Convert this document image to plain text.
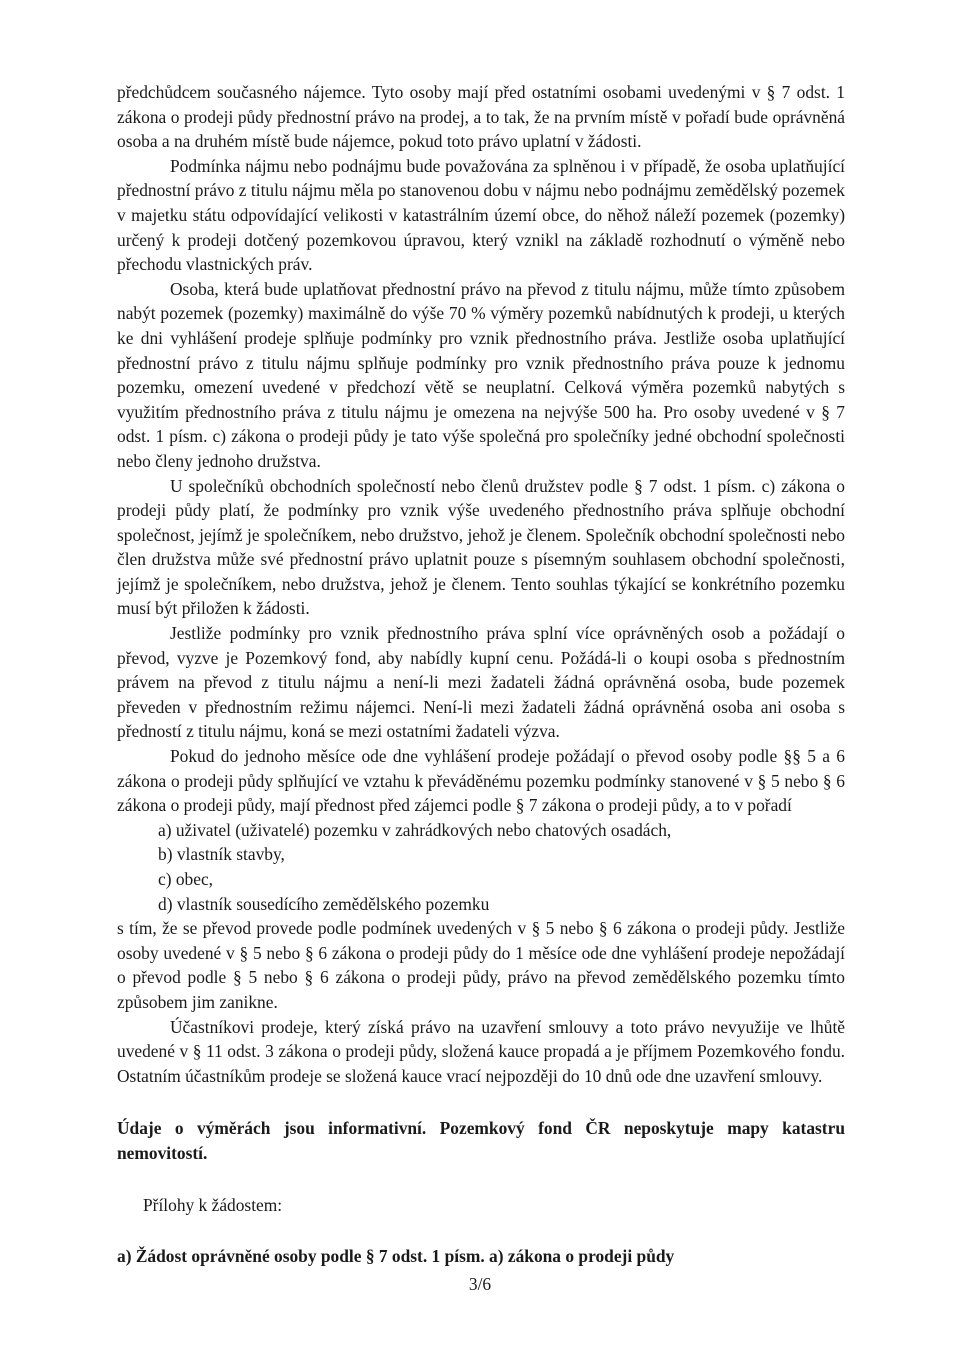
předchůdcem současného nájemce. Tyto osoby mají před ostatními osobami uvedenými v § 7 odst. 1 zákona o prodeji půdy přednostní právo na prodej, a to tak, že na prvním místě v pořadí bude oprávněná osoba a na druhém místě bude nájemce, pokud toto právo uplatní v žádosti.

Podmínka nájmu nebo podnájmu bude považována za splněnou i v případě, že osoba uplatňující přednostní právo z titulu nájmu měla po stanovenou dobu v nájmu nebo podnájmu zemědělský pozemek v majetku státu odpovídající velikosti v katastrálním území obce, do něhož náleží pozemek (pozemky) určený k prodeji dotčený pozemkovou úpravou, který vznikl na základě rozhodnutí o výměně nebo přechodu vlastnických práv.

Osoba, která bude uplatňovat přednostní právo na převod z titulu nájmu, může tímto způsobem nabýt pozemek (pozemky) maximálně do výše 70 % výměry pozemků nabídnutých k prodeji, u kterých ke dni vyhlášení prodeje splňuje podmínky pro vznik přednostního práva. Jestliže osoba uplatňující přednostní právo z titulu nájmu splňuje podmínky pro vznik přednostního práva pouze k jednomu pozemku, omezení uvedené v předchozí větě se neuplatní. Celková výměra pozemků nabytých s využitím přednostního práva z titulu nájmu je omezena na nejvýše 500 ha. Pro osoby uvedené v § 7 odst. 1 písm. c) zákona o prodeji půdy je tato výše společná pro společníky jedné obchodní společnosti nebo členy jednoho družstva.

U společníků obchodních společností nebo členů družstev podle § 7 odst. 1 písm. c) zákona o prodeji půdy platí, že podmínky pro vznik výše uvedeného přednostního práva splňuje obchodní společnost, jejímž je společníkem, nebo družstvo, jehož je členem. Společník obchodní společnosti nebo člen družstva může své přednostní právo uplatnit pouze s písemným souhlasem obchodní společnosti, jejímž je společníkem, nebo družstva, jehož je členem. Tento souhlas týkající se konkrétního pozemku musí být přiložen k žádosti.

Jestliže podmínky pro vznik přednostního práva splní více oprávněných osob a požádají o převod, vyzve je Pozemkový fond, aby nabídly kupní cenu. Požádá-li o koupi osoba s přednostním právem na převod z titulu nájmu a není-li mezi žadateli žádná oprávněná osoba, bude pozemek převeden v přednostním režimu nájemci. Není-li mezi žadateli žádná oprávněná osoba ani osoba s předností z titulu nájmu, koná se mezi ostatními žadateli výzva.

Pokud do jednoho měsíce ode dne vyhlášení prodeje požádají o převod osoby podle §§ 5 a 6 zákona o prodeji půdy splňující ve vztahu k převáděnému pozemku podmínky stanovené v § 5 nebo § 6 zákona o prodeji půdy, mají přednost před zájemci podle § 7 zákona o prodeji půdy, a to v pořadí

a) uživatel (uživatelé) pozemku v zahrádkových nebo chatových osadách,
b) vlastník stavby,
c) obec,
d) vlastník sousedícího zemědělského pozemku

s tím, že se převod provede podle podmínek uvedených v § 5 nebo § 6 zákona o prodeji půdy. Jestliže osoby uvedené v § 5 nebo § 6 zákona o prodeji půdy do 1 měsíce ode dne vyhlášení prodeje nepožádají o převod podle § 5 nebo § 6 zákona o prodeji půdy, právo na převod zemědělského pozemku tímto způsobem jim zanikne.

Účastníkovi prodeje, který získá právo na uzavření smlouvy a toto právo nevyužije ve lhůtě uvedené v § 11 odst. 3 zákona o prodeji půdy, složená kauce propadá a je příjmem Pozemkového fondu. Ostatním účastníkům prodeje se složená kauce vrací nejpozději do 10 dnů ode dne uzavření smlouvy.

Údaje o výměrách jsou informativní. Pozemkový fond ČR neposkytuje mapy katastru nemovitostí.

Přílohy k žádostem:
a) Žádost oprávněné osoby podle § 7 odst. 1 písm. a) zákona o prodeji půdy
3/6
